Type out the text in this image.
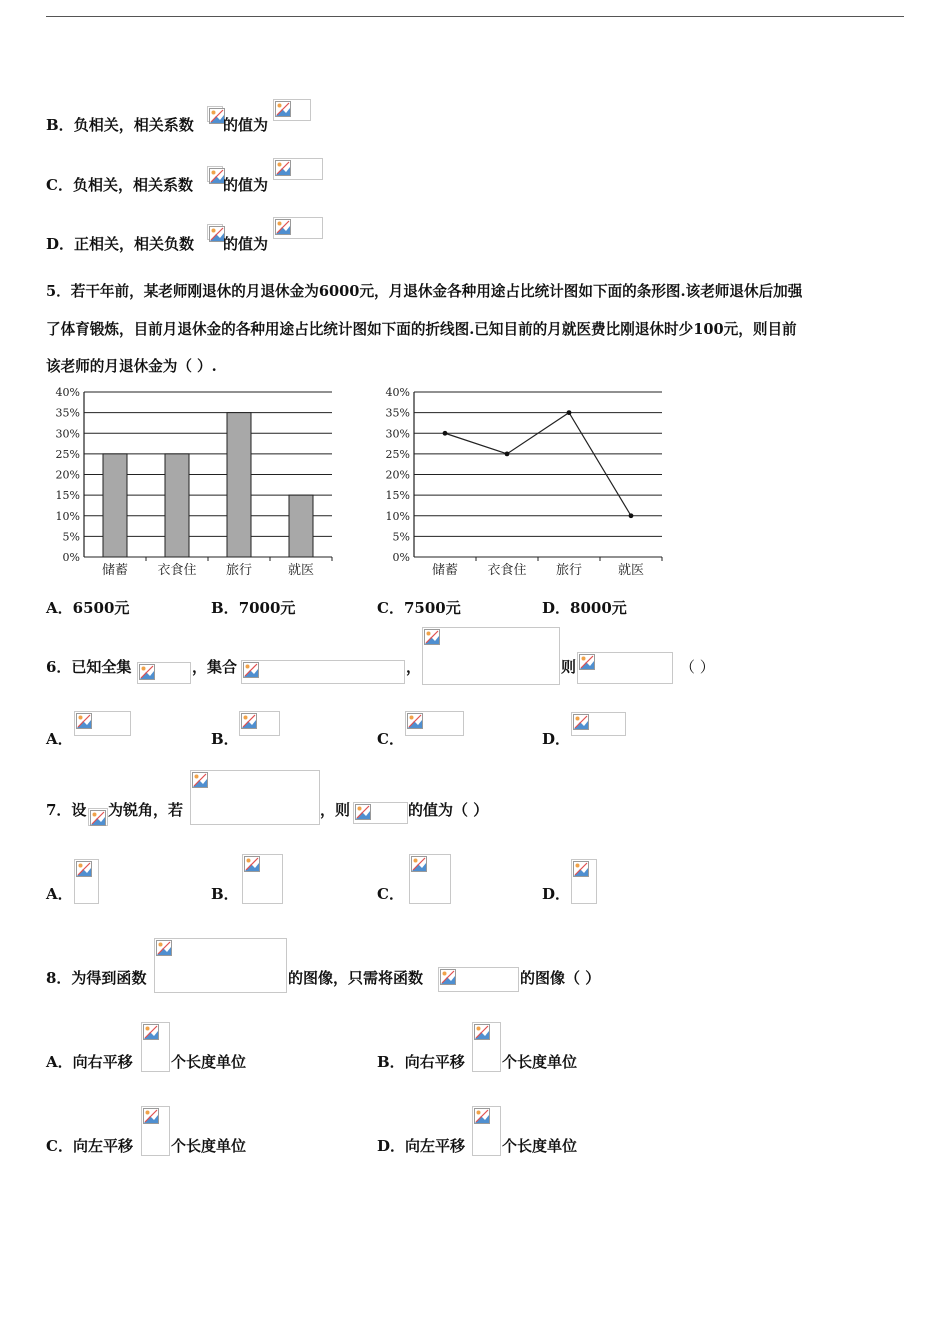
B．负相关，相关系数 的值为
C．负相关，相关系数 的值为
D．正相关，相关负数 的值为
5．若干年前，某老师刚退休的月退休金为6000元，月退休金各种用途占比统计图如下面的条形图.该老师退休后加强
了体育锻炼，目前月退休金的各种用途占比统计图如下面的折线图.已知目前的月就医费比刚退休时少100元，则目前
该老师的月退休金为（ ）.
0%
5%
10%
15%
20%
25%
30%
35%
40%
储蓄 衣食住 旅行	就医
0%
5%
10%
15%
20%
25%
30%
35%
40%
储蓄 衣食住 旅行	就医
A．6500元	B．7000元	C．7500元	D．8000元
6．已知全集	，集合	，	则	（ ）
A．	B．	C．	D．
7．设 为锐角，若	，则	的值为（ ）
A．	B．	C．	D．
8．为得到函数	的图像，只需将函数	的图像（ ）
A．向右平移	个长度单位	B．向右平移 个长度单位
C．向左平移	个长度单位	D．向左平移 个长度单位
